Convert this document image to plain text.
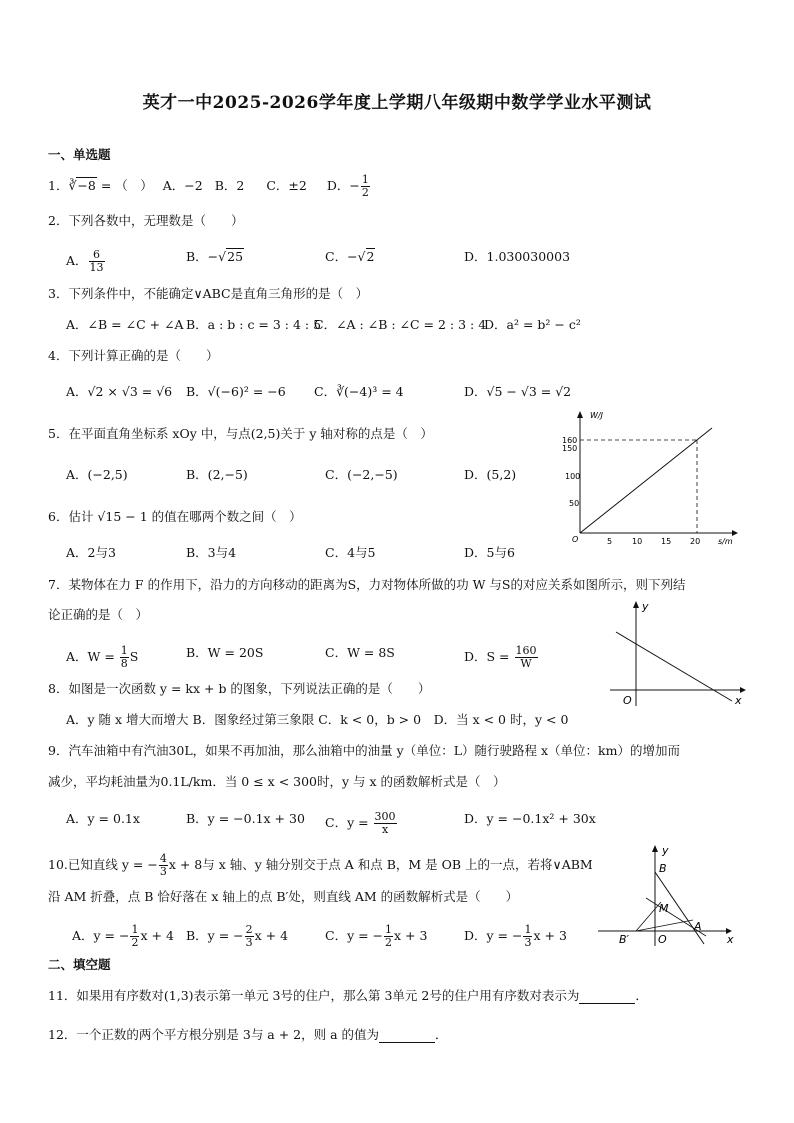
英才一中2025-2026学年度上学期八年级期中数学学业水平测试
一、单选题
1．∛−8 = （　） A．−2 B．2 C．±2 D．− $\frac{1}{2}$
2．下列各数中，无理数是（　　）
A． $\frac{6}{13}$	B．−√25	C．−√2	D．1.030030003
3．下列条件中，不能确定∨ABC是直角三角形的是（　）
A．∠B = ∠C + ∠A B．a : b : c = 3 : 4 : 5
C．∠A : ∠B : ∠C = 2 : 3 : 4
D．a² = b² − c²
4．下列计算正确的是（　　）
A．√2 × √3 = √6 B．√(−6)² = −6 C．∛(−4)³ = 4	D．√5 − √3 = √2
5．在平面直角坐标系 xOy 中，与点(2,5)关于 y 轴对称的点是（　）
A．(−2,5)	B．(2,−5)	C．(−2,−5)	D．(5,2)
W/J
s/m
O
160
150
100
50
5 10 15 20
6．估计 √15 − 1 的值在哪两个数之间（　）
A．2与3	B．3与4	C．4与5	D．5与6
7．某物体在力 F 的作用下，沿力的方向移动的距离为S，力对物体所做的功 W 与S的对应关系如图所示，则下列结
论正确的是（　）
A．$W = \frac{1}{8}$ S	B．W = 20S	C．W = 8S	D．$S = \frac{160}{W}$
y
x
O
8．如图是一次函数 y = kx + b 的图象，下列说法正确的是（　　）
A．y 随 x 增大而增大 B．图象经过第三象限 C．k < 0，b > 0　D．当 x < 0 时，y < 0
9．汽车油箱中有汽油30L，如果不再加油，那么油箱中的油量 y（单位：L）随行驶路程 x（单位：km）的增加而
减少，平均耗油量为0.1L/km．当 0 ≤ x < 300时，y 与 x 的函数解析式是（　）
A．y = 0.1x	B．y = −0.1x + 30 C．$y = \frac{300}{x}$	D．y = −0.1x² + 30x
y
x
B
M
A
B′	O
10.已知直线 y = − $\frac{4}{3}$ x + 8与 x 轴、y 轴分别交于点 A 和点 B，M 是 OB 上的一点，若将∨ABM
沿 AM 折叠，点 B 恰好落在 x 轴上的点 B′处，则直线 AM 的函数解析式是（　　）
A．y = − $\frac{1}{2}$ x + 4 B．y = − $\frac{2}{3}$ x + 4	C．y = − $\frac{1}{2}$ x + 3	D．y = − $\frac{1}{3}$ x + 3
二、填空题
11．如果用有序数对(1,3)表示第一单元 3号的住户，那么第 3单元 2号的住户用有序数对表示为	．
12．一个正数的两个平方根分别是 3与 a + 2，则 a 的值为	．
